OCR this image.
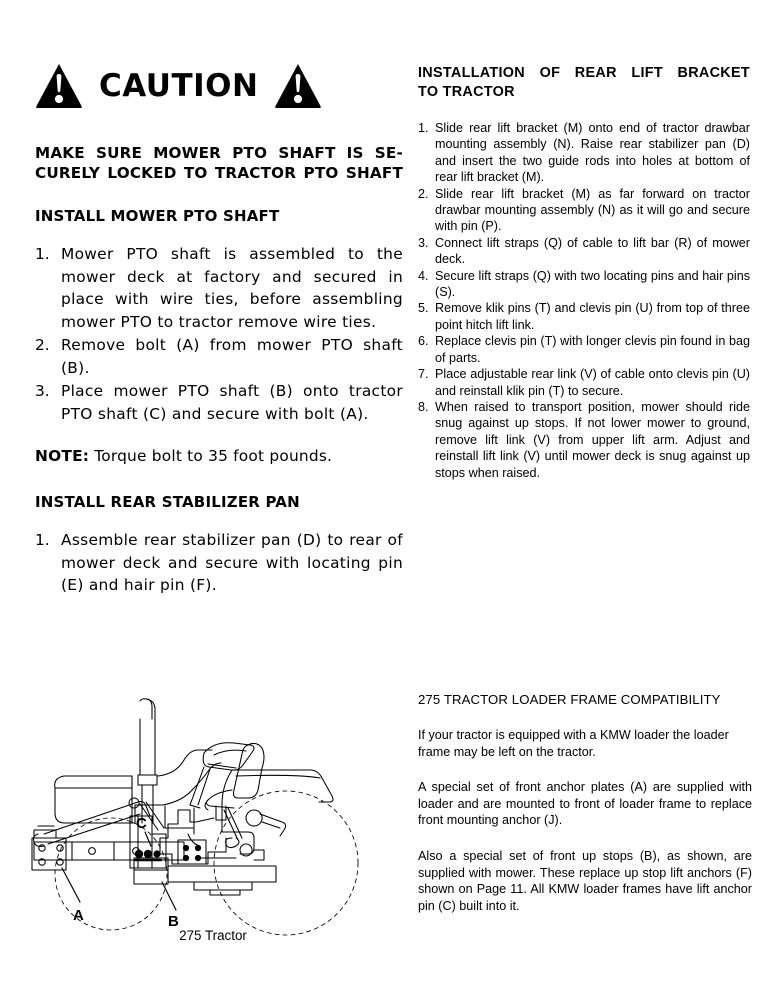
CAUTION
MAKE SURE MOWER PTO SHAFT IS SE-
CURELY LOCKED TO TRACTOR PTO SHAFT
INSTALL MOWER PTO SHAFT
1. Mower PTO shaft is assembled to the mower deck at factory and secured in place with wire ties, before assembling mower PTO to tractor remove wire ties.
2. Remove bolt (A) from mower PTO shaft (B).
3. Place mower PTO shaft (B) onto tractor PTO shaft (C) and secure with bolt (A).
NOTE: Torque bolt to 35 foot pounds.
INSTALL REAR STABILIZER PAN
1. Assemble rear stabilizer pan (D) to rear of mower deck and secure with locating pin (E) and hair pin (F).
INSTALLATION OF REAR LIFT BRACKET
TO TRACTOR
1. Slide rear lift bracket (M) onto end of tractor drawbar mounting assembly (N). Raise rear stabilizer pan (D) and insert the two guide rods into holes at bottom of rear lift bracket (M).
2. Slide rear lift bracket (M) as far forward on tractor drawbar mounting assembly (N) as it will go and secure with pin (P).
3. Connect lift straps (Q) of cable to lift bar (R) of mower deck.
4. Secure lift straps (Q) with two locating pins and hair pins (S).
5. Remove klik pins (T) and clevis pin (U) from top of three point hitch lift link.
6. Replace clevis pin (T) with longer clevis pin found in bag of parts.
7. Place adjustable rear link (V) of cable onto clevis pin (U) and reinstall klik pin (T) to secure.
8. When raised to transport position, mower should ride snug against up stops. If not lower mower to ground, remove lift link (V) from upper lift arm. Adjust and reinstall lift link (V) until mower deck is snug against up stops when raised.
275 TRACTOR LOADER FRAME COMPATIBILITY
If your tractor is equipped with a KMW loader the loader frame may be left on the tractor.
A special set of front anchor plates (A) are supplied with loader and are mounted to front of loader frame to replace front mounting anchor (J).
Also a special set of front up stops (B), as shown, are supplied with mower. These replace up stop lift anchors (F) shown on Page 11. All KMW loader frames have lift anchor pin (C) built into it.
A	B
C
275 Tractor
